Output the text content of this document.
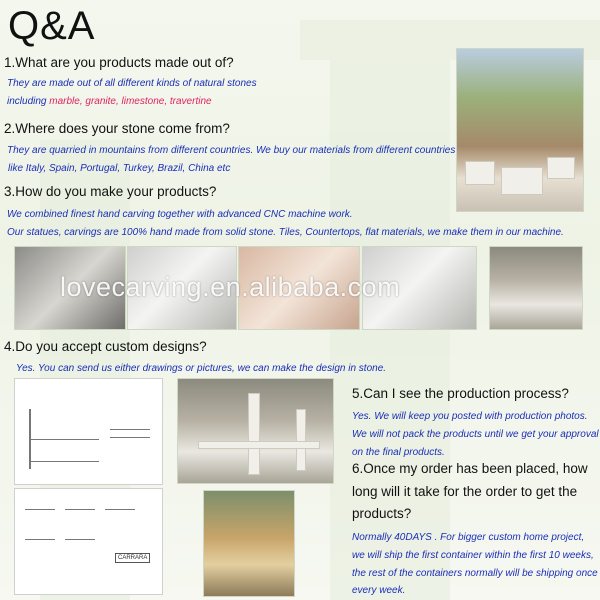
Q&A
1.What are you products made out of?
They are made out of all different kinds of natural stones
including marble, granite, limestone, travertine
2.Where does your stone come from?
They are quarried in mountains from different countries. We buy our materials from different countries
like Italy, Spain, Portugal, Turkey, Brazil, China etc
3.How do you make your products?
We combined finest hand carving together with advanced CNC machine work.
Our statues, carvings are 100% hand made from solid stone. Tiles, Countertops, flat materials, we make them in our machine.
lovecarving.en.alibaba.com
4.Do you accept custom designs?
Yes. You can send us either drawings or pictures, we can make the design in stone.
CARRARA
5.Can I see the production process?
Yes. We will keep you posted with production photos.
We will not pack the products until we get your approval
on the final products.
6.Once my order has been placed, how
long will it take for the order to get the
products?
Normally 40DAYS . For bigger custom home project,
we will ship the first container within the first 10 weeks,
the rest of the containers normally will be shipping once
every week.
